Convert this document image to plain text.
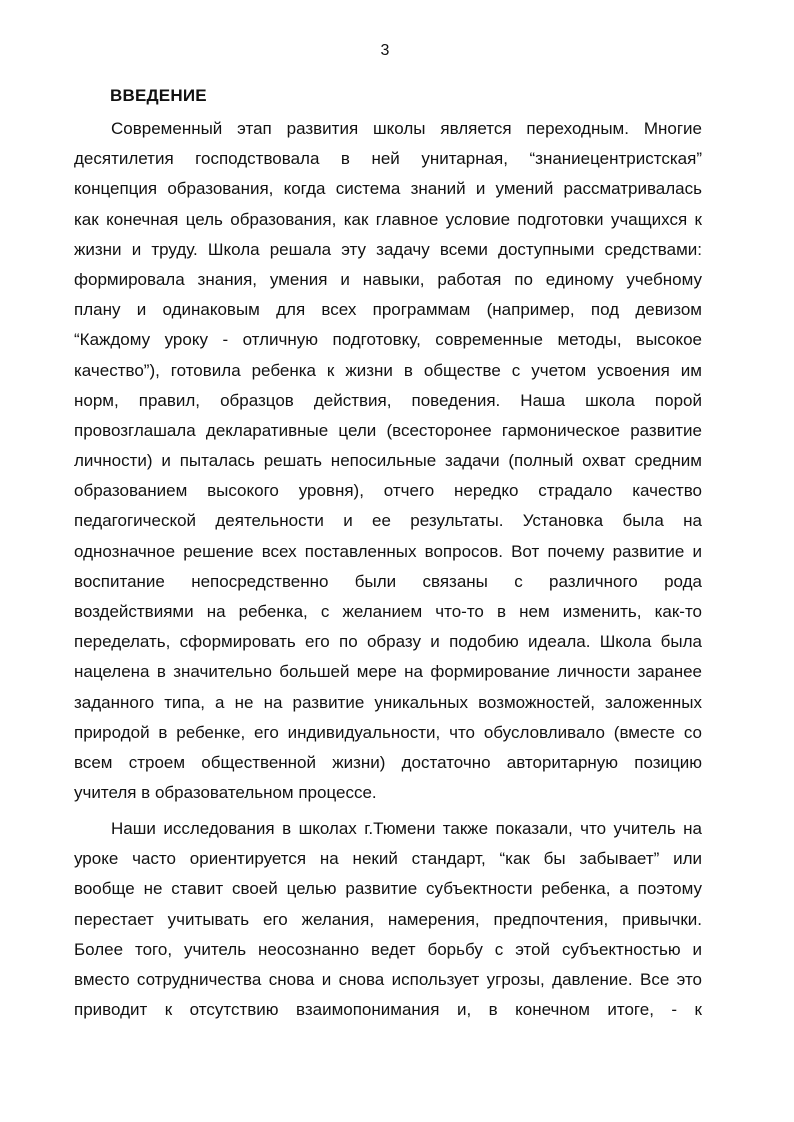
3
ВВЕДЕНИЕ
Современный этап развития школы является переходным. Многие
десятилетия господствовала в ней унитарная, “знаниецентристская”
концепция образования, когда система знаний и умений рассматривалась
как конечная цель образования, как главное условие подготовки учащихся к
жизни и труду. Школа решала эту задачу всеми доступными средствами:
формировала знания, умения и навыки, работая по единому учебному
плану и одинаковым для всех программам (например, под девизом
“Каждому уроку - отличную подготовку, современные методы, высокое
качество”), готовила ребенка к жизни в обществе с учетом усвоения им
норм, правил, образцов действия, поведения. Наша школа порой
провозглашала декларативные цели (всесторонее гармоническое развитие
личности) и пыталась решать непосильные задачи (полный охват средним
образованием высокого уровня), отчего нередко страдало качество
педагогической деятельности и ее результаты. Установка была на
однозначное решение всех поставленных вопросов. Вот почему развитие и
воспитание непосредственно были связаны с различного рода
воздействиями на ребенка, с желанием что-то в нем изменить, как-то
переделать, сформировать его по образу и подобию идеала. Школа была
нацелена в значительно большей мере на формирование личности заранее
заданного типа, а не на развитие уникальных возможностей, заложенных
природой в ребенке, его индивидуальности, что обусловливало (вместе со
всем строем общественной жизни) достаточно авторитарную позицию
учителя в образовательном процессе.
Наши исследования в школах г.Тюмени также показали, что учитель на
уроке часто ориентируется на некий стандарт, “как бы забывает” или
вообще не ставит своей целью развитие субъектности ребенка, а поэтому
перестает учитывать его желания, намерения, предпочтения, привычки.
Более того, учитель неосознанно ведет борьбу с этой субъектностью и
вместо сотрудничества снова и снова использует угрозы, давление. Все это
приводит к отсутствию взаимопонимания и, в конечном итоге, - к
